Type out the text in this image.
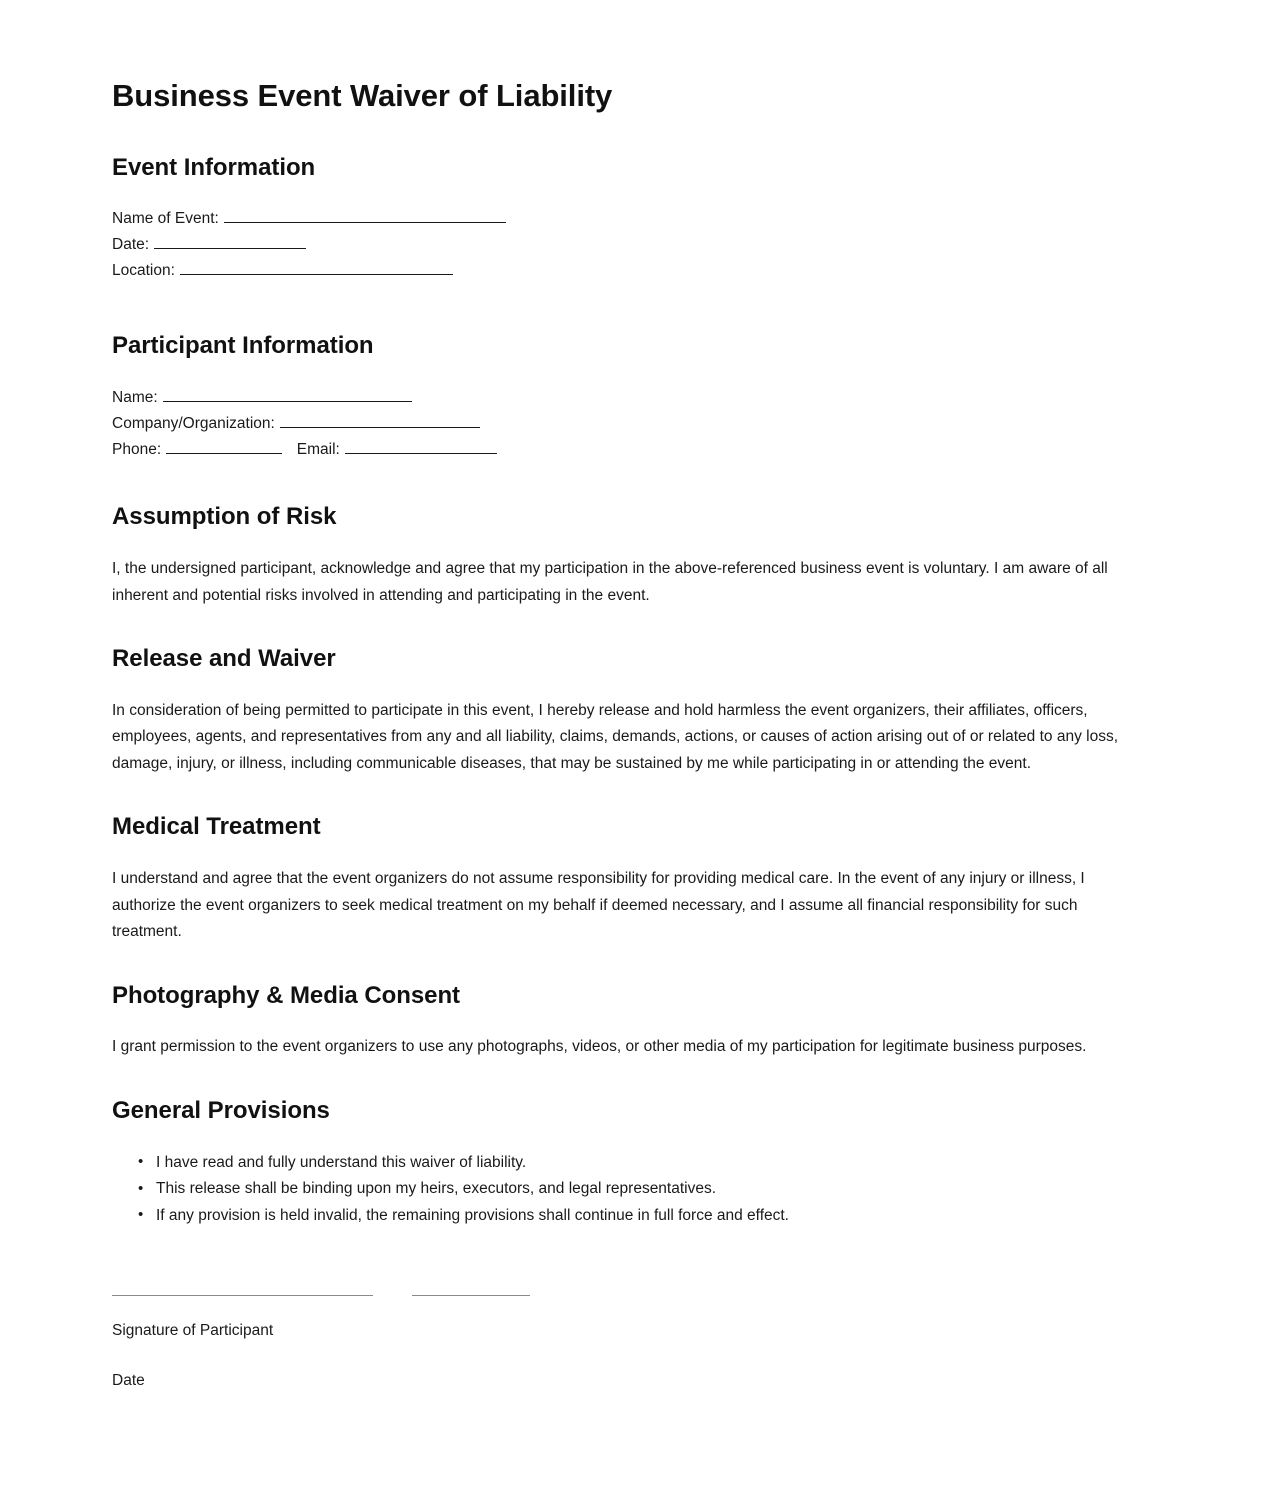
Business Event Waiver of Liability
Event Information
Name of Event:
Date:
Location:
Participant Information
Name:
Company/Organization:
Phone:	Email:
Assumption of Risk

I, the undersigned participant, acknowledge and agree that my participation in the above-referenced business event is voluntary. I am aware of all inherent and potential risks involved in attending and participating in the event.

Release and Waiver

In consideration of being permitted to participate in this event, I hereby release and hold harmless the event organizers, their affiliates, officers, employees, agents, and representatives from any and all liability, claims, demands, actions, or causes of action arising out of or related to any loss, damage, injury, or illness, including communicable diseases, that may be sustained by me while participating in or attending the event.

Medical Treatment

I understand and agree that the event organizers do not assume responsibility for providing medical care. In the event of any injury or illness, I authorize the event organizers to seek medical treatment on my behalf if deemed necessary, and I assume all financial responsibility for such treatment.

Photography & Media Consent

I grant permission to the event organizers to use any photographs, videos, or other media of my participation for legitimate business purposes.

General Provisions
• I have read and fully understand this waiver of liability.
• This release shall be binding upon my heirs, executors, and legal representatives.
• If any provision is held invalid, the remaining provisions shall continue in full force and effect.
Signature of Participant
Date
